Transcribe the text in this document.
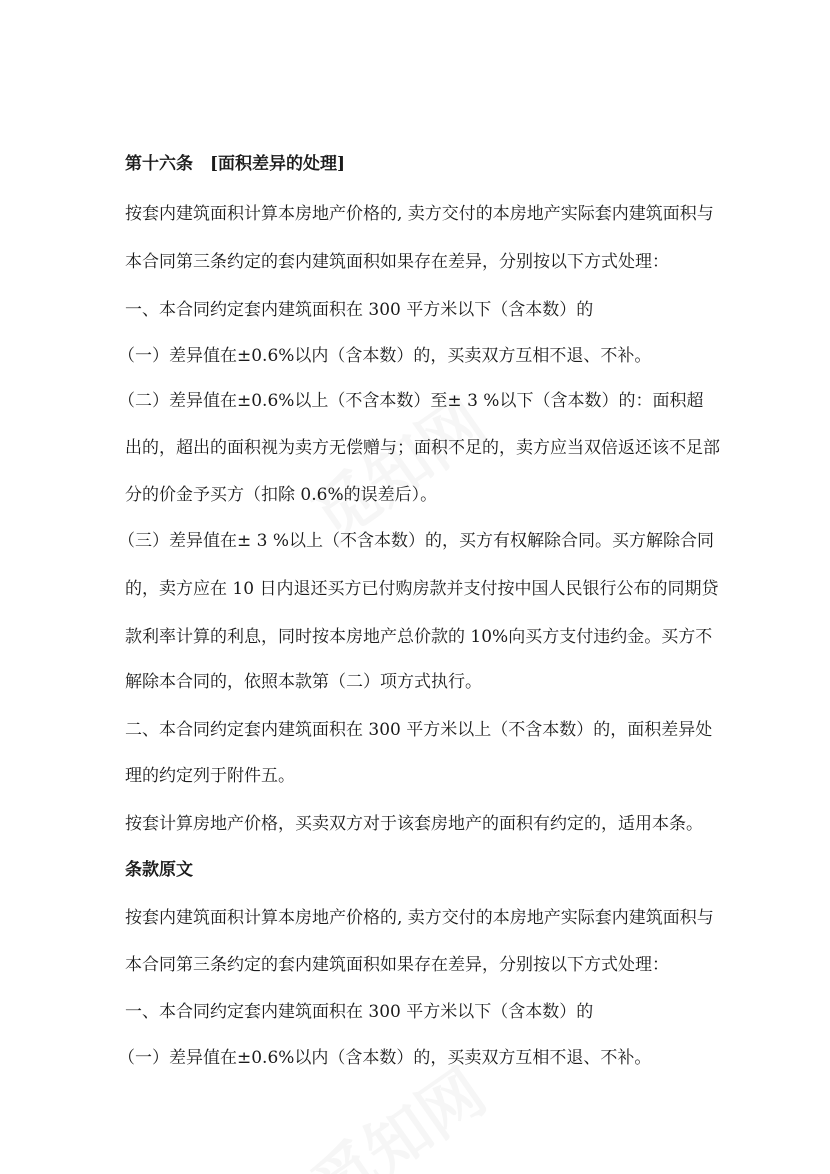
第十六条　[面积差异的处理]
按套内建筑面积计算本房地产价格的, 卖方交付的本房地产实际套内建筑面积与
本合同第三条约定的套内建筑面积如果存在差异，分别按以下方式处理：
一、本合同约定套内建筑面积在 300 平方米以下（含本数）的
（一）差异值在±0.6%以内（含本数）的，买卖双方互相不退、不补。
（二）差异值在±0.6%以上（不含本数）至± 3 %以下（含本数）的：面积超
出的，超出的面积视为卖方无偿赠与；面积不足的，卖方应当双倍返还该不足部
分的价金予买方（扣除 0.6%的误差后）。
（三）差异值在± 3 %以上（不含本数）的，买方有权解除合同。买方解除合同
的，卖方应在 10 日内退还买方已付购房款并支付按中国人民银行公布的同期贷
款利率计算的利息，同时按本房地产总价款的 10%向买方支付违约金。买方不
解除本合同的，依照本款第（二）项方式执行。
二、本合同约定套内建筑面积在 300 平方米以上（不含本数）的，面积差异处
理的约定列于附件五。
按套计算房地产价格，买卖双方对于该套房地产的面积有约定的，适用本条。
条款原文
按套内建筑面积计算本房地产价格的, 卖方交付的本房地产实际套内建筑面积与
本合同第三条约定的套内建筑面积如果存在差异，分别按以下方式处理：
一、本合同约定套内建筑面积在 300 平方米以下（含本数）的
（一）差异值在±0.6%以内（含本数）的，买卖双方互相不退、不补。
